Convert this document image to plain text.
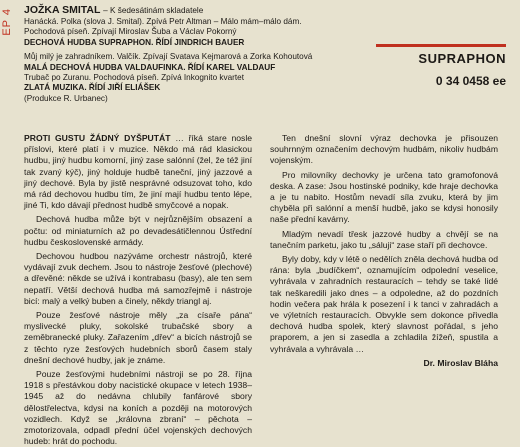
EP 4 JOŽKA SMITAL – K šedesátinám skladatele
Hanácká. Polka (slova J. Smital). Zpívá Petr Altman – Málo mám–málo dám.
Pochodová píseň. Zpívají Miroslav Šuba a Václav Pokorný
DECHOVÁ HUDBA SUPRAPHON. ŘÍDÍ JINDRICH BAUER
Můj milý je zahradníkem. Valčík. Zpívají Svatava Kejmarová a Zorka Kohoutová
MALÁ DECHOVÁ HUDBA VALDAUFINKA. ŘÍDÍ KAREL VALDAUF
Trubač po Zuranu. Pochodová píseň. Zpívá Inkognito kvartet
ZLATÁ MUZIKA. ŘÍDÍ JIŘÍ ELIÁŠEK
(Produkce R. Urbanec)
SUPRAPHON
0 34 0458 ee

PROTI GUSTU ŽÁDNÝ DYŠPUTÁT … říká stare nosle příslovi, které platí i v muzice. Někdo má rád klasickou hudbu, jiný hudbu komorní, jiný zase salónní (žel, že též jiní tak zvaný kýč), jiný holduje hudbě taneční, jiný jazzové a jiný dechové. Byla by jistě nesprávné odsuzovat toho, kdo má rád dechovou hudbu tím, že jiní mají hudbu tento lépe, jiné Ti, kdo dávají přednost hudbě smyčcové a nopak.

Dechová hudba může být v nejrůznějším obsazení a počtu: od miniaturních až po devadesátičlennou Ústřední hudbu československé armády.

Dechovou hudbou nazýváme orchestr nástrojů, které vydávají zvuk dechem. Jsou to nástroje žesťové (plechové) a dřevěné: někde se užívá i kontrabasu (basy), ale ten sem nepatří. Větší dechová hudba má samozřejmě i nástroje bicí: malý a velký buben a činely, někdy triangl aj.

Pouze žesťové nástroje měly „za císaře pána“ myslivecké pluky, sokolské trubačské sbory a zeměbranecké pluky. Zařazením „dřev“ a bicích nástrojů se z těchto ryze žesťových hudebních sborů časem staly dnešní dechové hudby, jak je známe.

Pouze žesťovými hudebními nástroji se po 28. října 1918 s přestávkou doby nacistické okupace v letech 1938–1945 až do nedávna chlubily fanfárové sbory dělostřelectva, kdysi na koních a později na motorových vozidlech. Když se „královna zbraní“ – pěchota – zmotorizovala, odpadl přední účel vojenských dechových hudeb: hrát do pochodu.

Ten dnešní slovní výraz dechovka je přisouzen souhrnným označením dechovým hudbám, nikoliv hudbám vojenským.

Pro milovníky dechovky je určena tato gramofonová deska. A zase: Jsou hostinské podniky, kde hraje dechovka a je tu nabito. Hostům nevadí síla zvuku, která by jim chyběla při salónní a menší hudbě, jako se kdysi honosily naše přední kavárny.

Mladým nevadí třesk jazzové hudby a chvějí se na tanečním parketu, jako tu „sáluji“ zase staří při dechovce.

Byly doby, kdy v létě o nedělích zněla dechová hudba od rána: byla „budíčkem“, oznamujícím odpolední veselice, vyhrávala v zahradních restauracích – tehdy se také lidé tak neškaredili jako dnes – a odpoledne, až do pozdních hodin večera pak hrála k posezení i k tanci v zahradách a ve výletních restauracích. Obvykle sem dokonce přivedla dechová hudba spolek, který slavnost pořádal, s jeho praporem, a jen si zasedla a zchladila žížeň, spustila a vyhrávala a vyhrávala …

Dr. Miroslav Bláha
